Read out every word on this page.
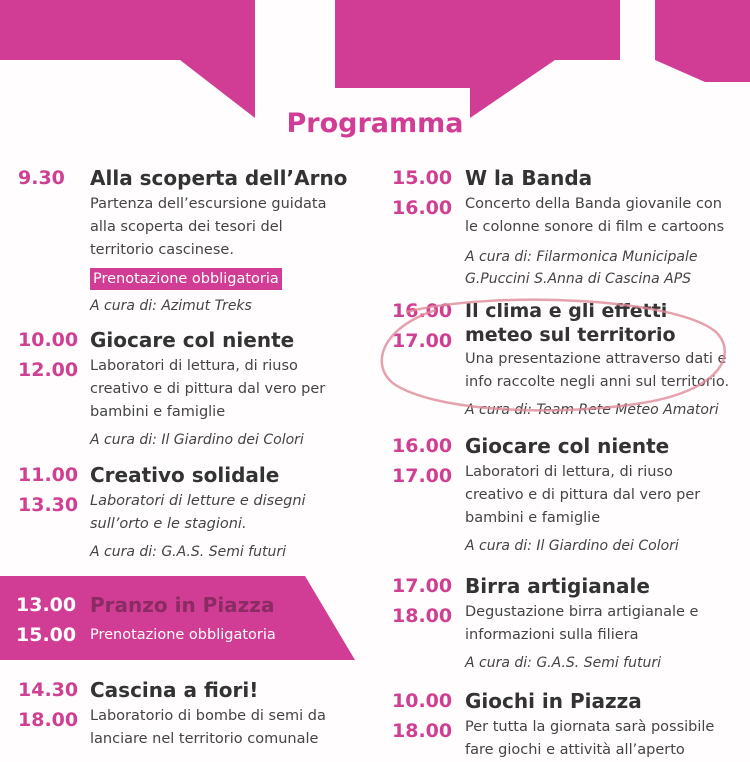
Programma
9.30	Alla scoperta dell’Arno

Partenza dell’escursione guidata

alla scoperta dei tesori del

territorio cascinese.

Prenotazione obbligatoria
A cura di: Azimut Treks
10.00
12.00

Giocare col niente

Laboratori di lettura, di riuso

creativo e di pittura dal vero per

bambini e famiglie

A cura di: Il Giardino dei Colori
11.00
13.30

Creativo solidale

Laboratori di letture e disegni

sull’orto e le stagioni.

A cura di: G.A.S. Semi futuri
13.00
15.00
Pranzo in Piazza
Prenotazione obbligatoria
14.30
18.00

Cascina a fiori!

Laboratorio di bombe di semi da

lanciare nel territorio comunale

15.00
16.00

W la Banda

Concerto della Banda giovanile con

le colonne sonore di film e cartoons

A cura di: Filarmonica Municipale
G.Puccini S.Anna di Cascina APS
16.00
17.00

Il clima e gli effetti

meteo sul territorio

Una presentazione attraverso dati e

info raccolte negli anni sul territorio.

A cura di: Team Rete Meteo Amatori
16.00
17.00

Giocare col niente

Laboratori di lettura, di riuso

creativo e di pittura dal vero per

bambini e famiglie

A cura di: Il Giardino dei Colori
17.00
18.00

Birra artigianale

Degustazione birra artigianale e

informazioni sulla filiera

A cura di: G.A.S. Semi futuri
10.00
18.00

Giochi in Piazza

Per tutta la giornata sarà possibile

fare giochi e attività all’aperto
